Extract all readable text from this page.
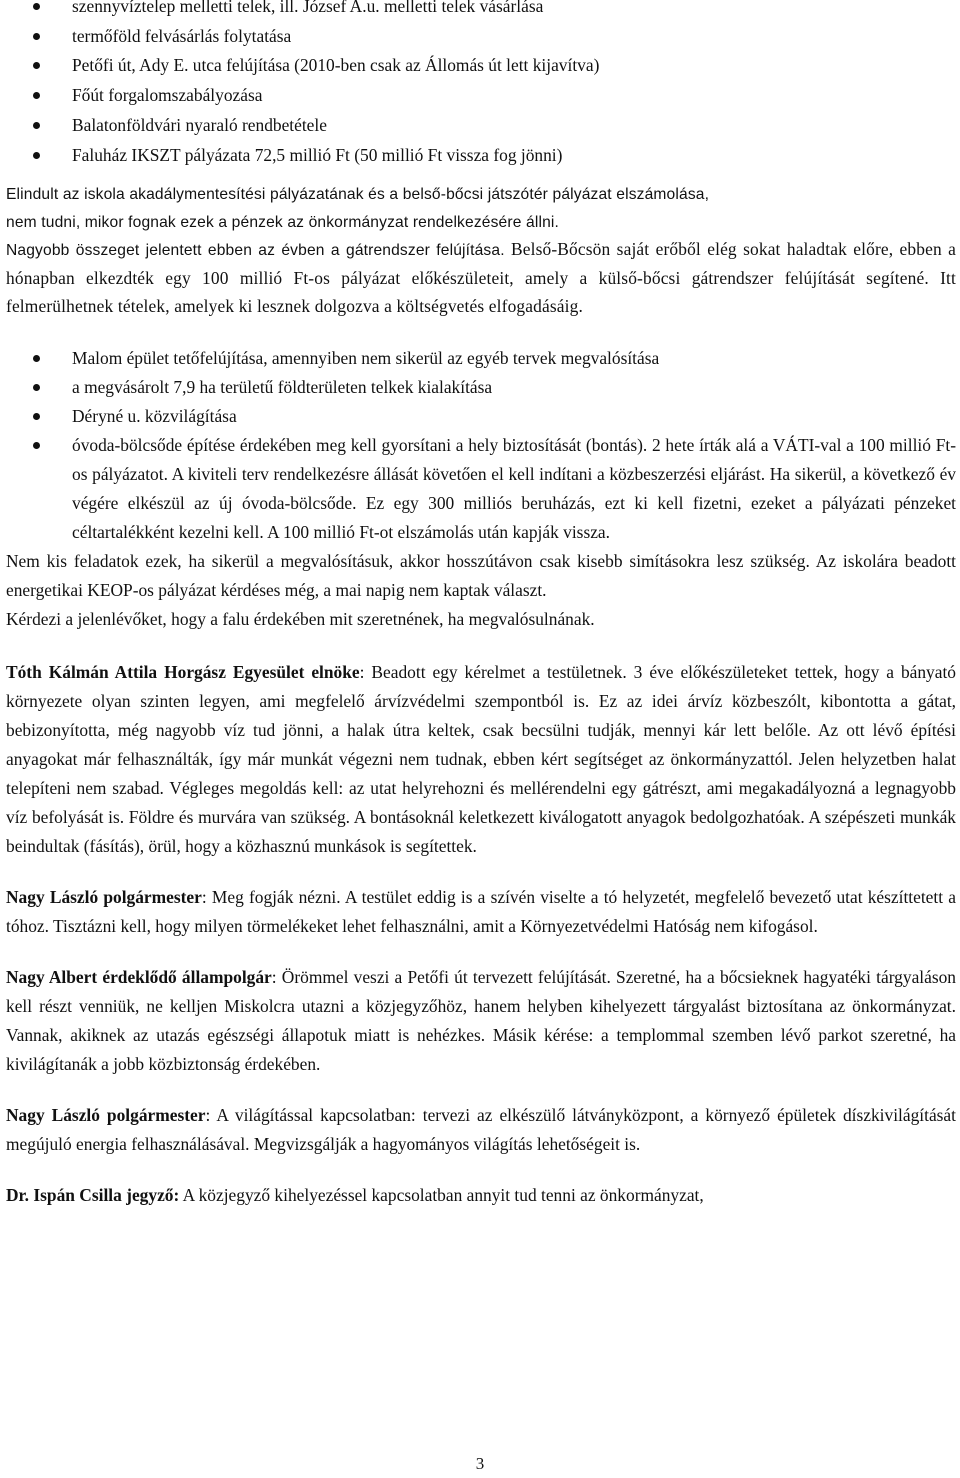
szennyvíztelep melletti telek, ill. József A.u. melletti telek vásárlása
termőföld felvásárlás folytatása
Petőfi út, Ady E. utca felújítása (2010-ben csak az Állomás út lett kijavítva)
Főút forgalomszabályozása
Balatonföldvári nyaraló rendbetétele
Faluház IKSZT pályázata 72,5 millió Ft (50 millió Ft vissza fog jönni)

Elindult az iskola akadálymentesítési pályázatának és a belső-bőcsi játszótér pályázat elszámolása,
nem tudni, mikor fognak ezek a pénzek az önkormányzat rendelkezésére állni.
Nagyobb összeget jelentett ebben az évben a gátrendszer felújítása. Belső-Bőcsön saját erőből elég sokat haladtak előre, ebben a hónapban elkezdték egy 100 millió Ft-os pályázat előkészületeit, amely a külső-bőcsi gátrendszer felújítását segítené. Itt felmerülhetnek tételek, amelyek ki lesznek dolgozva a költségvetés elfogadásáig.

Malom épület tetőfelújítása, amennyiben nem sikerül az egyéb tervek megvalósítása
a megvásárolt 7,9 ha területű földterületen telkek kialakítása
Déryné u. közvilágítása
óvoda-bölcsőde építése érdekében meg kell gyorsítani a hely biztosítását (bontás). 2 hete írták alá a VÁTI-val a 100 millió Ft-os pályázatot. A kiviteli terv rendelkezésre állását követően el kell indítani a közbeszerzési eljárást. Ha sikerül, a következő év végére elkészül az új óvoda-bölcsőde. Ez egy 300 milliós beruházás, ezt ki kell fizetni, ezeket a pályázati pénzeket céltartalékként kezelni kell. A 100 millió Ft-ot elszámolás után kapják vissza.

Nem kis feladatok ezek, ha sikerül a megvalósításuk, akkor hosszútávon csak kisebb simításokra lesz szükség. Az iskolára beadott energetikai KEOP-os pályázat kérdéses még, a mai napig nem kaptak választ.

Kérdezi a jelenlévőket, hogy a falu érdekében mit szeretnének, ha megvalósulnának.

Tóth Kálmán Attila Horgász Egyesület elnöke: Beadott egy kérelmet a testületnek. 3 éve előkészületeket tettek, hogy a bányató környezete olyan szinten legyen, ami megfelelő árvízvédelmi szempontból is. Ez az idei árvíz közbeszólt, kibontotta a gátat, bebizonyította, még nagyobb víz tud jönni, a halak útra keltek, csak becsülni tudják, mennyi kár lett belőle. Az ott lévő építési anyagokat már felhasználták, így már munkát végezni nem tudnak, ebben kért segítséget az önkormányzattól. Jelen helyzetben halat telepíteni nem szabad. Végleges megoldás kell: az utat helyrehozni és mellérendelni egy gátrészt, ami megakadályozná a legnagyobb víz befolyását is. Földre és murvára van szükség. A bontásoknál keletkezett kiválogatott anyagok bedolgozhatóak. A szépészeti munkák beindultak (fásítás), örül, hogy a közhasznú munkások is segítettek.

Nagy László polgármester: Meg fogják nézni. A testület eddig is a szívén viselte a tó helyzetét, megfelelő bevezető utat készíttetett a tóhoz. Tisztázni kell, hogy milyen törmelékeket lehet felhasználni, amit a Környezetvédelmi Hatóság nem kifogásol.

Nagy Albert érdeklődő állampolgár: Örömmel veszi a Petőfi út tervezett felújítását. Szeretné, ha a bőcsieknek hagyatéki tárgyaláson kell részt venniük, ne kelljen Miskolcra utazni a közjegyzőhöz, hanem helyben kihelyezett tárgyalást biztosítana az önkormányzat. Vannak, akiknek az utazás egészségi állapotuk miatt is nehézkes. Másik kérése: a templommal szemben lévő parkot szeretné, ha kivilágítanák a jobb közbiztonság érdekében.

Nagy László polgármester: A világítással kapcsolatban: tervezi az elkészülő látványközpont, a környező épületek díszkivilágítását megújuló energia felhasználásával. Megvizsgálják a hagyományos világítás lehetőségeit is.

Dr. Ispán Csilla jegyző: A közjegyző kihelyezéssel kapcsolatban annyit tud tenni az önkormányzat,

3
